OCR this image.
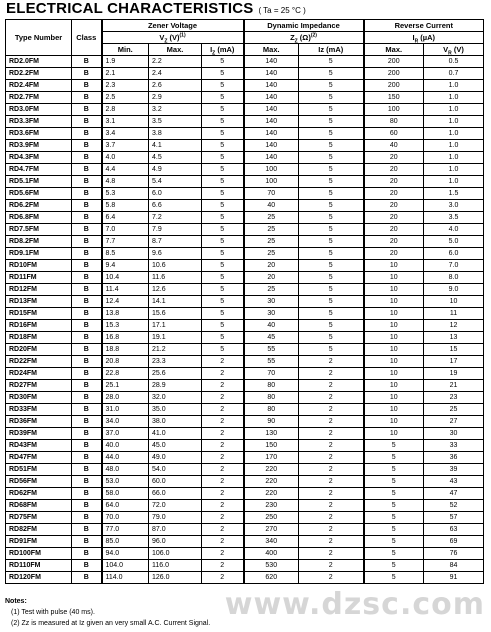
ELECTRICAL CHARACTERISTICS ( Ta = 25 °C )
Type Number	Class	Zener Voltage			Dynamic Impedance		Reverse Current	
		$V_Z$ $(V)^{(1)}$			$Z_Z$ $(\Omega)^{(2)}$		$I_R$ (µA)	
		Min.	Max.	$I_Z$ (mA)	Max.	Iz (mA)	Max.	$V_R$ (V)
RD2.0FM	B	1.9	2.2	5	140	5	200	0.5
RD2.2FM	B	2.1	2.4	5	140	5	200	0.7
RD2.4FM	B	2.3	2.6	5	140	5	200	1.0
RD2.7FM	B	2.5	2.9	5	140	5	150	1.0
RD3.0FM	B	2.8	3.2	5	140	5	100	1.0
RD3.3FM	B	3.1	3.5	5	140	5	80	1.0
RD3.6FM	B	3.4	3.8	5	140	5	60	1.0
RD3.9FM	B	3.7	4.1	5	140	5	40	1.0
RD4.3FM	B	4.0	4.5	5	140	5	20	1.0
RD4.7FM	B	4.4	4.9	5	100	5	20	1.0
RD5.1FM	B	4.8	5.4	5	100	5	20	1.0
RD5.6FM	B	5.3	6.0	5	70	5	20	1.5
RD6.2FM	B	5.8	6.6	5	40	5	20	3.0
RD6.8FM	B	6.4	7.2	5	25	5	20	3.5
RD7.5FM	B	7.0	7.9	5	25	5	20	4.0
RD8.2FM	B	7.7	8.7	5	25	5	20	5.0
RD9.1FM	B	8.5	9.6	5	25	5	20	6.0
RD10FM	B	9.4	10.6	5	20	5	10	7.0
RD11FM	B	10.4	11.6	5	20	5	10	8.0
RD12FM	B	11.4	12.6	5	25	5	10	9.0
RD13FM	B	12.4	14.1	5	30	5	10	10
RD15FM	B	13.8	15.6	5	30	5	10	11
RD16FM	B	15.3	17.1	5	40	5	10	12
RD18FM	B	16.8	19.1	5	45	5	10	13
RD20FM	B	18.8	21.2	5	55	5	10	15
RD22FM	B	20.8	23.3	2	55	2	10	17
RD24FM	B	22.8	25.6	2	70	2	10	19
RD27FM	B	25.1	28.9	2	80	2	10	21
RD30FM	B	28.0	32.0	2	80	2	10	23
RD33FM	B	31.0	35.0	2	80	2	10	25
RD36FM	B	34.0	38.0	2	90	2	10	27
RD39FM	B	37.0	41.0	2	130	2	10	30
RD43FM	B	40.0	45.0	2	150	2	5	33
RD47FM	B	44.0	49.0	2	170	2	5	36
RD51FM	B	48.0	54.0	2	220	2	5	39
RD56FM	B	53.0	60.0	2	220	2	5	43
RD62FM	B	58.0	66.0	2	220	2	5	47
RD68FM	B	64.0	72.0	2	230	2	5	52
RD75FM	B	70.0	79.0	2	250	2	5	57
RD82FM	B	77.0	87.0	2	270	2	5	63
RD91FM	B	85.0	96.0	2	340	2	5	69
RD100FM	B	94.0	106.0	2	400	2	5	76
RD110FM	B	104.0	116.0	2	530	2	5	84
RD120FM	B	114.0	126.0	2	620	2	5	91
Notes:
(1) Test with pulse (40 ms).
(2) Zz is measured at Iz given an very small A.C. Current Signal.
www.dzsc.com
